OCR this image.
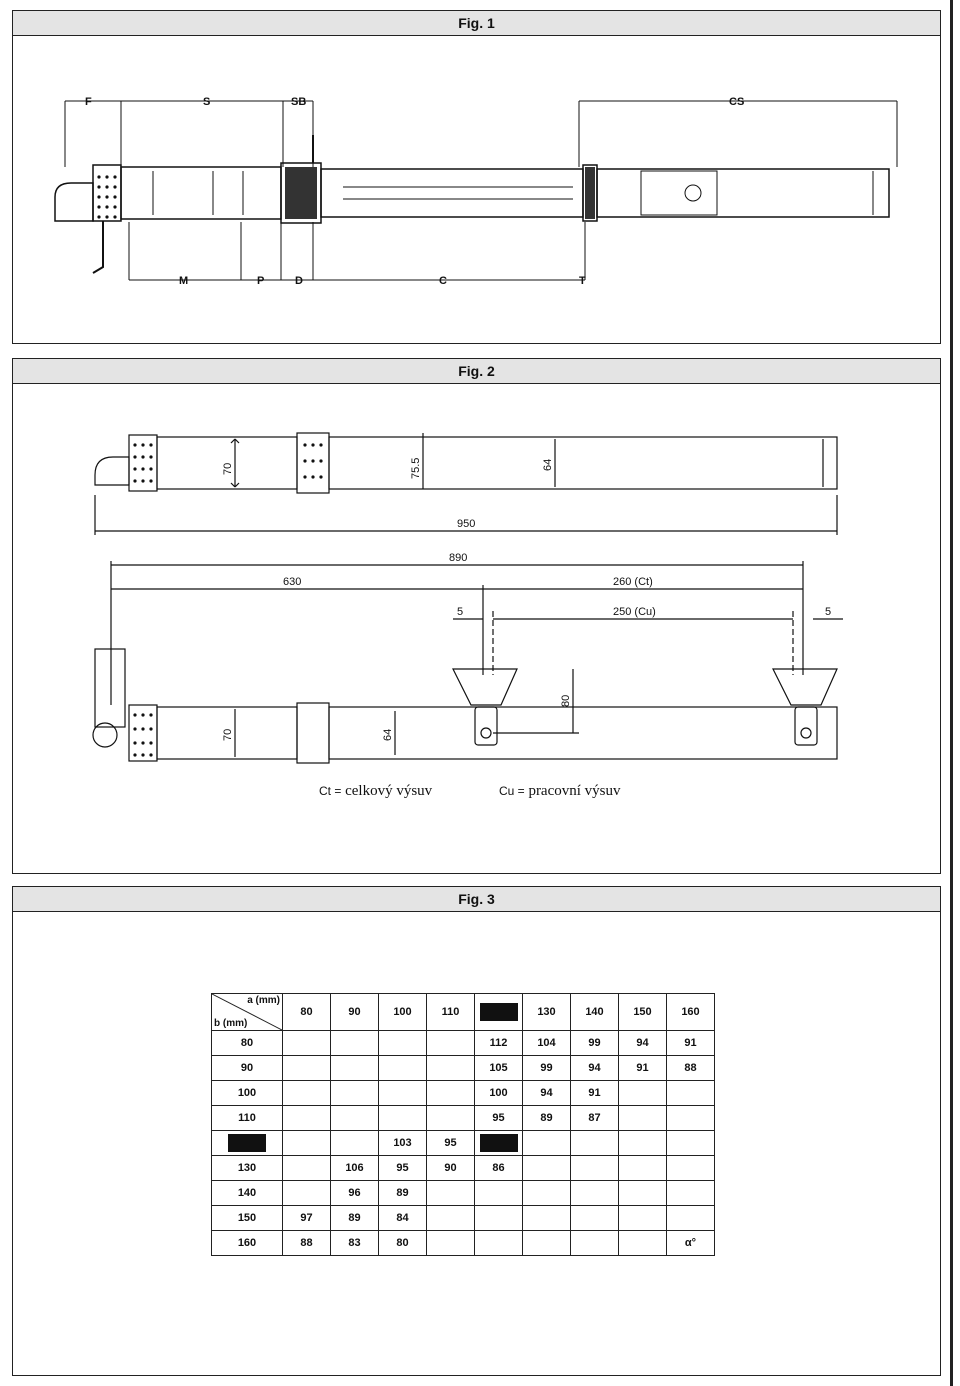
Fig. 1
F	S	SB	CS
M	P	D	C	T
Fig. 2
70	75.5	64
950
890
630	260 (Ct)
5	250 (Cu)	5
80
70	64
Ct = celkový výsuv	Cu = pracovní výsuv
Fig. 3
a (mm)
b (mm)	80	90	100	110		130	140	150	160
80					112	104	99	94	91
90					105	99	94	91	88
100					100	94	91		
110					95	89	87		
			103	95					
130		106	95	90	86				
140		96	89						
150	97	89	84						
160	88	83	80						α°
